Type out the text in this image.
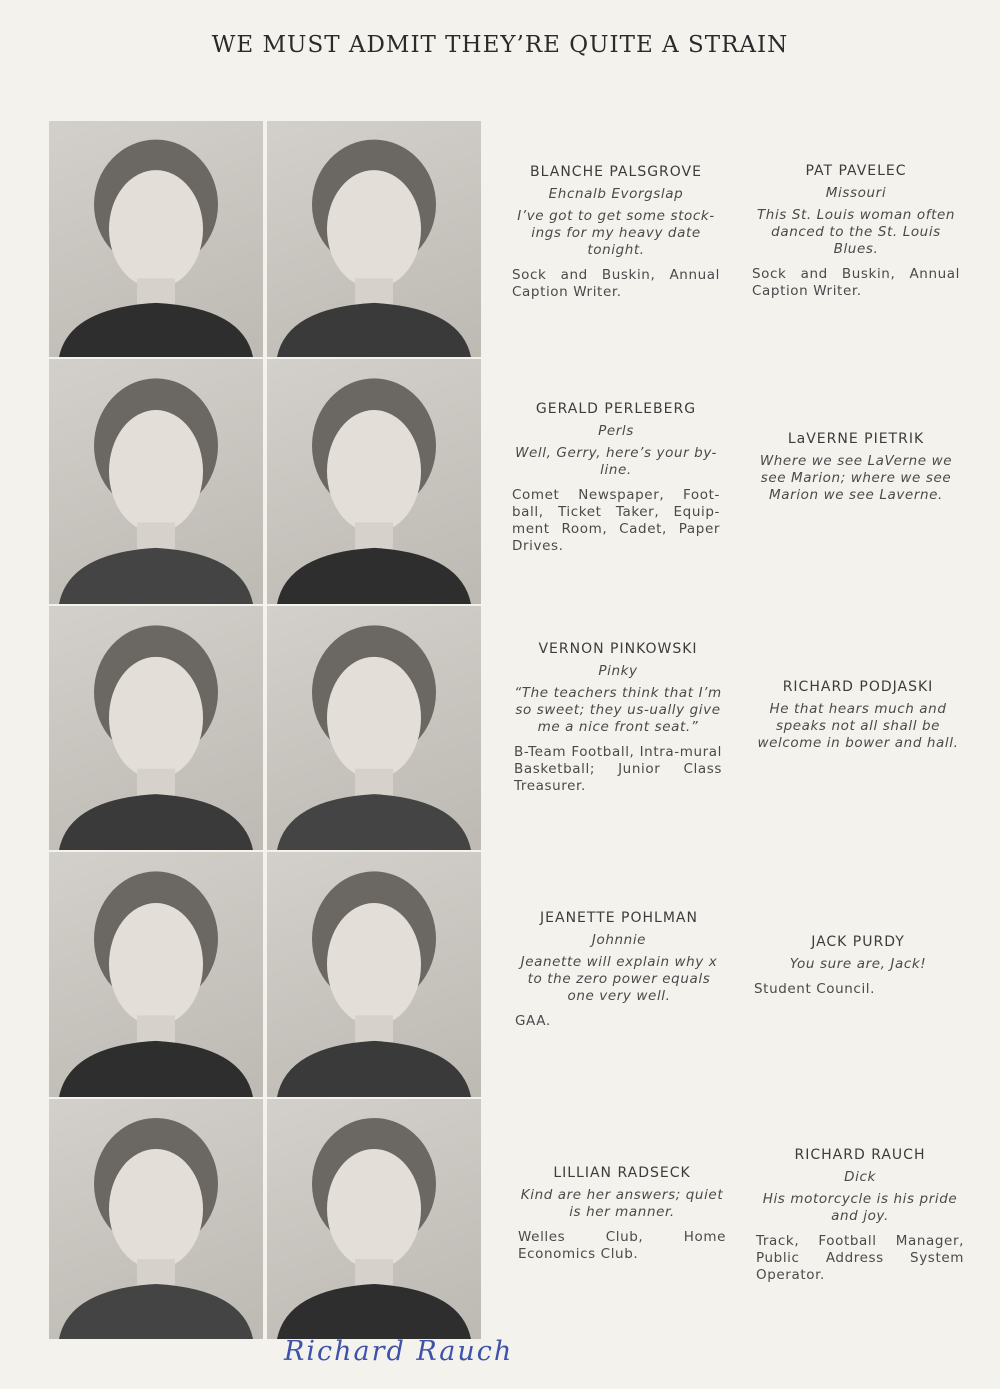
WE MUST ADMIT THEY’RE QUITE A STRAIN
BLANCHE PALSGROVE
Ehcnalb Evorgslap
I’ve got to get some stock-ings for my heavy date tonight.
Sock and Buskin, Annual Caption Writer.
PAT PAVELEC
Missouri
This St. Louis woman often danced to the St. Louis Blues.
Sock and Buskin, Annual Caption Writer.
GERALD PERLEBERG
Perls
Well, Gerry, here’s your by-line.
Comet Newspaper, Foot-ball, Ticket Taker, Equip-ment Room, Cadet, Paper Drives.
LaVERNE PIETRIK
Where we see LaVerne we see Marion; where we see Marion we see Laverne.
VERNON PINKOWSKI
Pinky
“The teachers think that I’m so sweet; they us-ually give me a nice front seat.”
B-Team Football, Intra-mural Basketball; Junior Class Treasurer.
RICHARD PODJASKI
He that hears much and speaks not all shall be welcome in bower and hall.
JEANETTE POHLMAN
Johnnie
Jeanette will explain why x to the zero power equals one very well.
GAA.
JACK PURDY
You sure are, Jack!
Student Council.
LILLIAN RADSECK
Kind are her answers; quiet is her manner.
Welles Club, Home Economics Club.
RICHARD RAUCH
Dick
His motorcycle is his pride and joy.
Track, Football Manager, Public Address System Operator.
Richard Rauch
